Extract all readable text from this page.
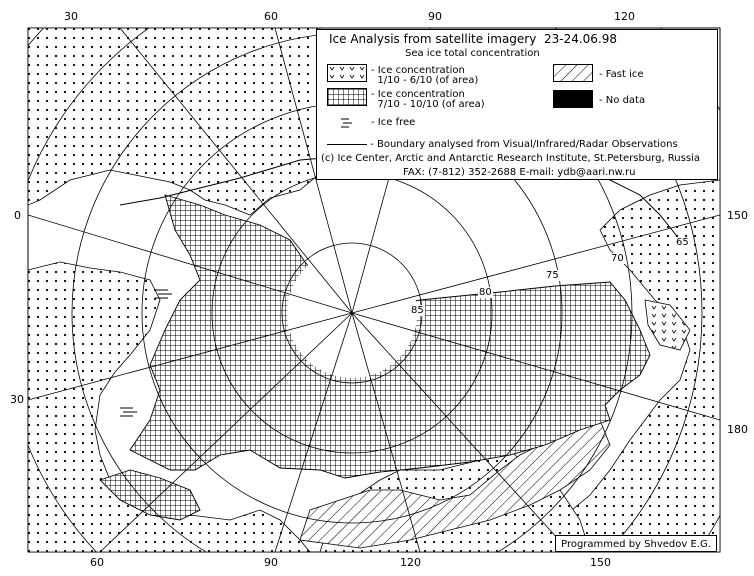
30	60	90	120
0
30
150
180
60	90	120	150
85
80
75
70
65
Ice Analysis from satellite imagery 23-24.06.98
Sea ice total concentration
- Ice concentration
1/10 - 6/10 (of area)
- Ice concentration
7/10 - 10/10 (of area)
- Ice free
- Fast ice
- No data
- Boundary analysed from Visual/Infrared/Radar Observations
(c) Ice Center, Arctic and Antarctic Research Institute, St.Petersburg, Russia
FAX: (7-812) 352-2688 E-mail: ydb@aari.nw.ru
Programmed by Shvedov E.G.
